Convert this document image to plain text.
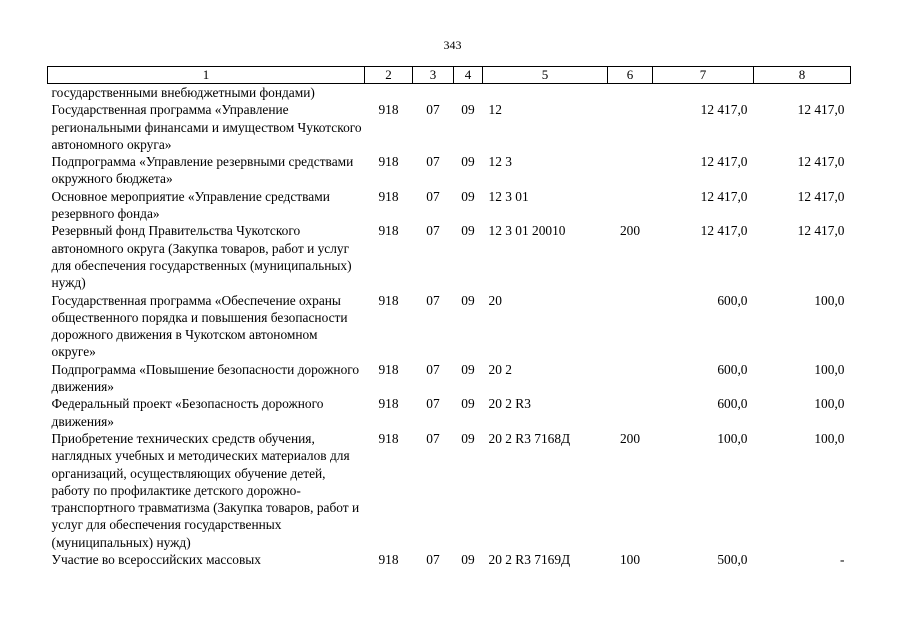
343
1	2	3	4	5	6	7	8
государственными внебюджетными фондами)							
Государственная программа «Управление региональными финансами и имуществом Чукотского автономного округа»	918	07	09	12		12 417,0	12 417,0
Подпрограмма «Управление резервными средствами окружного бюджета»	918	07	09	12 3		12 417,0	12 417,0
Основное мероприятие «Управление средствами резервного фонда»	918	07	09	12 3 01		12 417,0	12 417,0
Резервный фонд Правительства Чукотского автономного округа (Закупка товаров, работ и услуг для обеспечения государственных (муниципальных) нужд)	918	07	09	12 3 01 20010	200	12 417,0	12 417,0
Государственная программа «Обеспечение охраны общественного порядка и повышения безопасности дорожного движения в Чукотском автономном округе»	918	07	09	20		600,0	100,0
Подпрограмма «Повышение безопасности дорожного движения»	918	07	09	20 2		600,0	100,0
Федеральный проект «Безопасность дорожного движения»	918	07	09	20 2 R3		600,0	100,0
Приобретение технических средств обучения, наглядных учебных и методических материалов для организаций, осуществляющих обучение детей, работу по профилактике детского дорожно-транспортного травматизма (Закупка товаров, работ и услуг для обеспечения государственных (муниципальных) нужд)	918	07	09	20 2 R3 7168Д	200	100,0	100,0
Участие во всероссийских массовых	918	07	09	20 2 R3 7169Д	100	500,0	-
